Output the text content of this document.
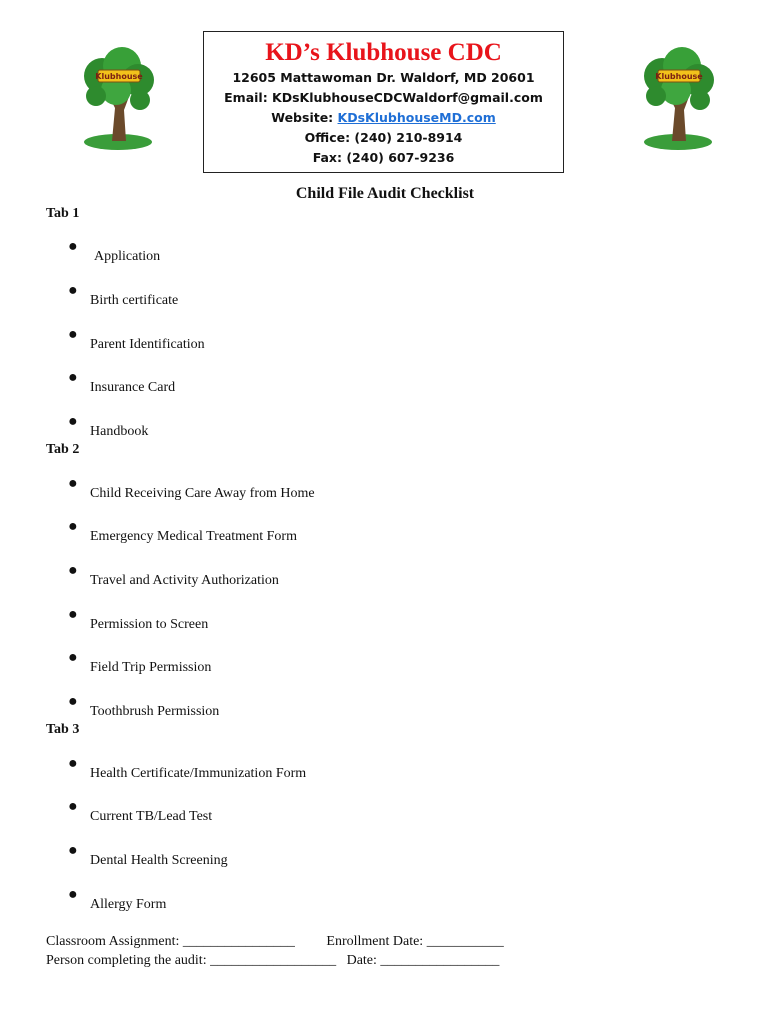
Klubhouse	Klubhouse
KD’s Klubhouse CDC
12605 Mattawoman Dr. Waldorf, MD 20601
Email: KDsKlubhouseCDCWaldorf@gmail.com
Website: KDsKlubhouseMD.com
Office: (240) 210-8914
Fax: (240) 607-9236
Child File Audit Checklist
Tab 1
●
Application
●
Birth certificate
●
Parent Identification
●
Insurance Card
●
Handbook
Tab 2
●
Child Receiving Care Away from Home
●
Emergency Medical Treatment Form
●
Travel and Activity Authorization
●
Permission to Screen
●
Field Trip Permission
●
Toothbrush Permission
Tab 3
●
Health Certificate/Immunization Form
●
Current TB/Lead Test
●
Dental Health Screening
●
Allergy Form
Classroom Assignment: ________________         Enrollment Date: ___________
Person completing the audit: __________________   Date: _________________
